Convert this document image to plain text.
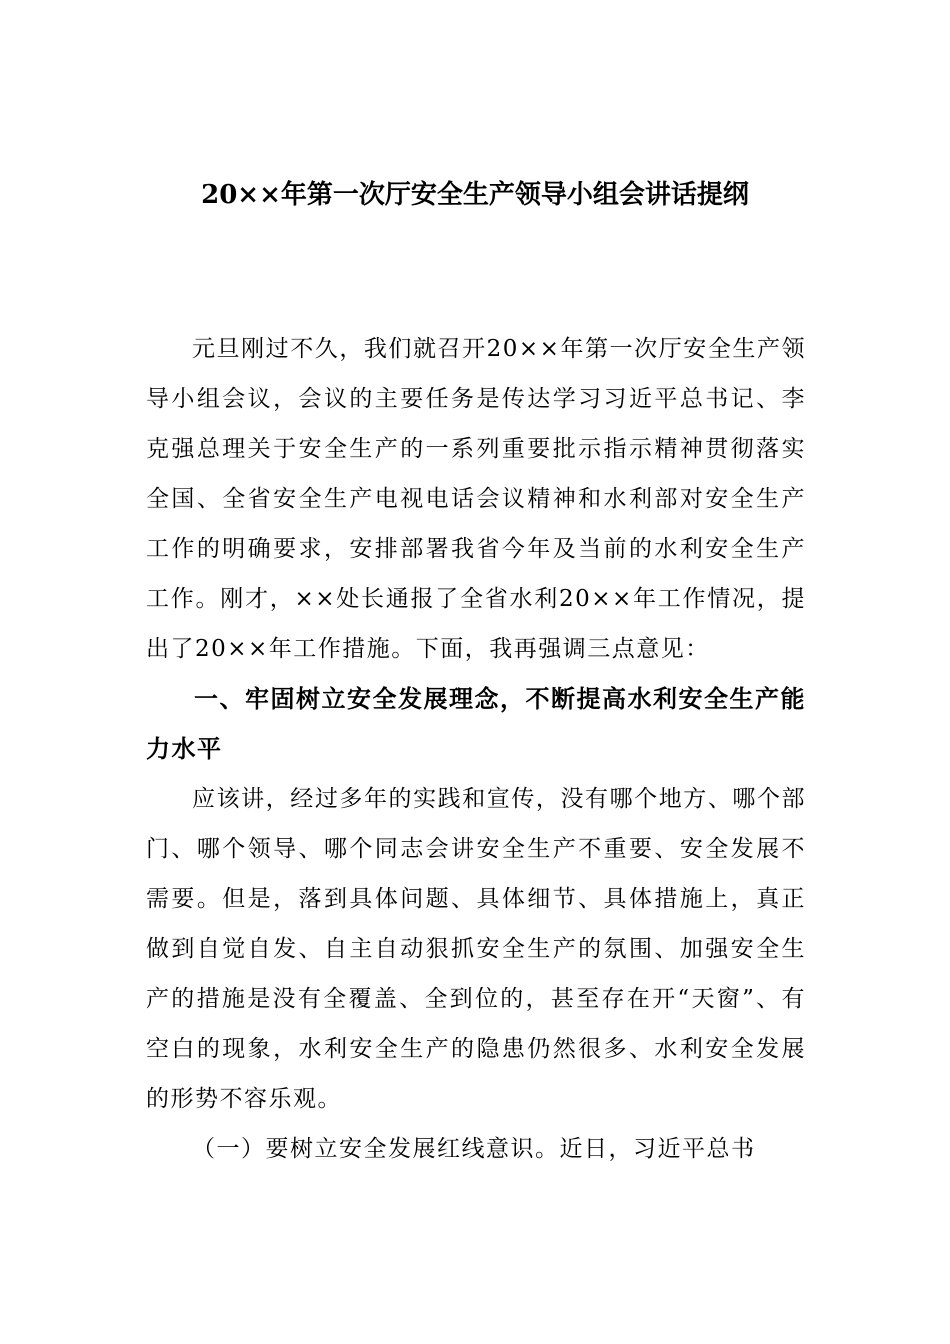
20××年第一次厅安全生产领导小组会讲话提纲

元旦刚过不久，我们就召开20××年第一次厅安全生产领导小组会议，会议的主要任务是传达学习习近平总书记、李克强总理关于安全生产的一系列重要批示指示精神贯彻落实全国、全省安全生产电视电话会议精神和水利部对安全生产工作的明确要求，安排部署我省今年及当前的水利安全生产工作。刚才，××处长通报了全省水利20××年工作情况，提出了20××年工作措施。下面，我再强调三点意见：

一、牢固树立安全发展理念，不断提高水利安全生产能力水平

应该讲，经过多年的实践和宣传，没有哪个地方、哪个部门、哪个领导、哪个同志会讲安全生产不重要、安全发展不需要。但是，落到具体问题、具体细节、具体措施上，真正做到自觉自发、自主自动狠抓安全生产的氛围、加强安全生产的措施是没有全覆盖、全到位的，甚至存在开“天窗”、有空白的现象，水利安全生产的隐患仍然很多、水利安全发展的形势不容乐观。

（一）要树立安全发展红线意识。近日，习近平总书
